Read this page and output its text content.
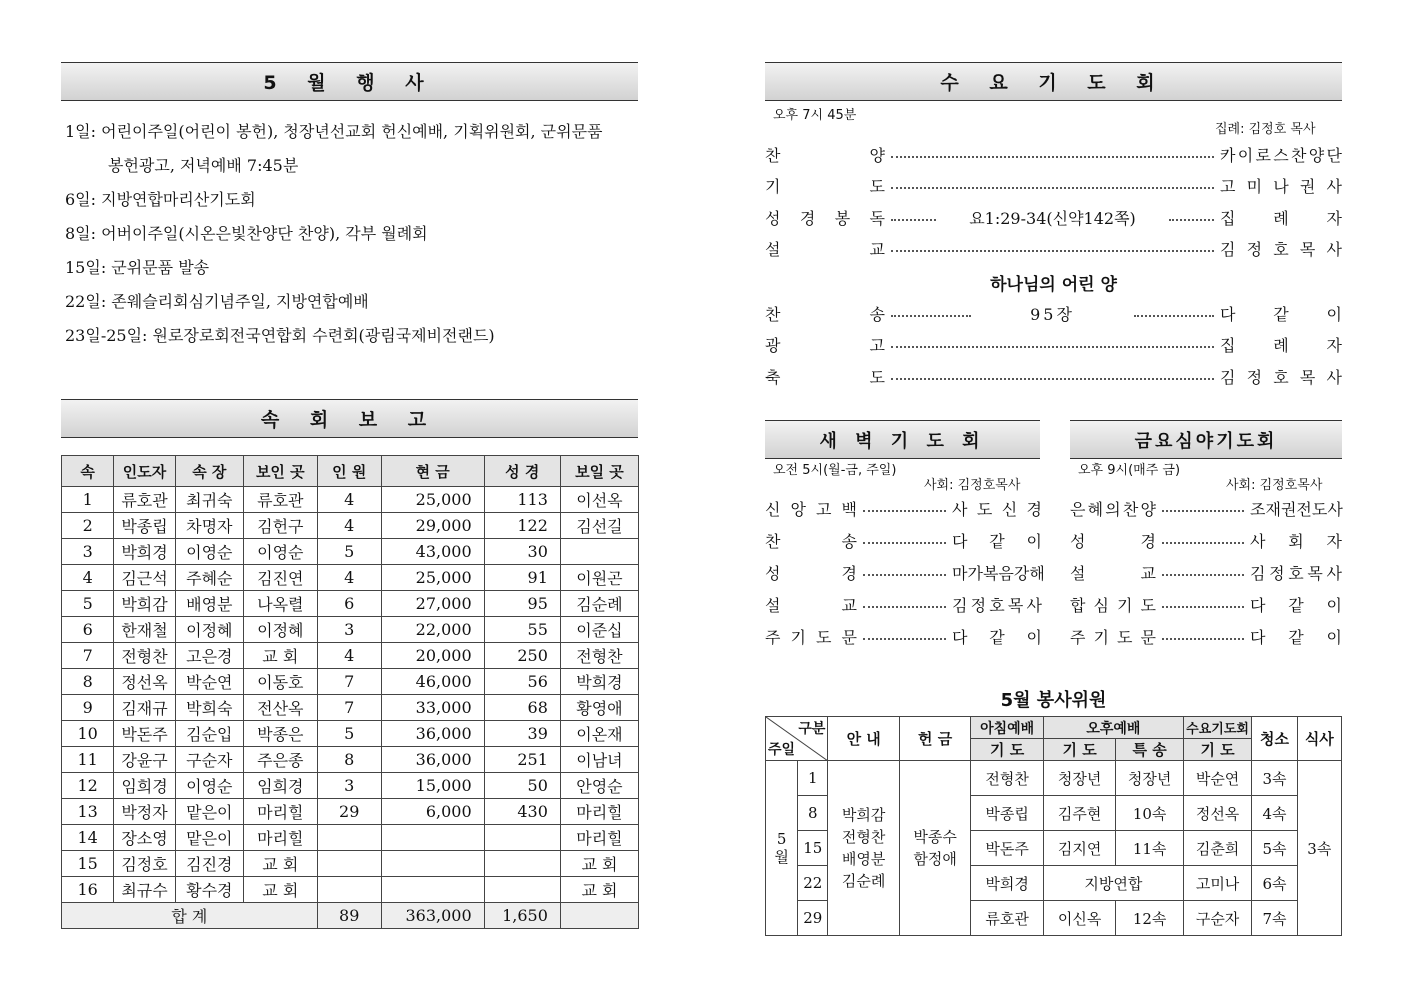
5 월 행 사
1일: 어린이주일(어린이 봉헌), 청장년선교회 헌신예배, 기획위원회, 군위문품
봉헌광고, 저녁예배 7:45분
6일: 지방연합마리산기도회
8일: 어버이주일(시온은빛찬양단 찬양), 각부 월례회
15일: 군위문품 발송
22일: 존웨슬리회심기념주일, 지방연합예배
23일-25일: 원로장로회전국연합회 수련회(광림국제비전랜드)
속 회 보 고
속	인도자	속 장	보인 곳	인 원	현 금	성 경	보일 곳
1	류호관	최귀숙	류호관	4	25,000	113	이선옥
2	박종립	차명자	김헌구	4	29,000	122	김선길
3	박희경	이영순	이영순	5	43,000	30	
4	김근석	주혜순	김진연	4	25,000	91	이원곤
5	박희감	배영분	나옥렬	6	27,000	95	김순례
6	한재철	이정혜	이정혜	3	22,000	55	이준십
7	전형찬	고은경	교 회	4	20,000	250	전형찬
8	정선옥	박순연	이동호	7	46,000	56	박희경
9	김재규	박희숙	전산옥	7	33,000	68	황영애
10	박돈주	김순입	박종은	5	36,000	39	이온재
11	강윤구	구순자	주은종	8	36,000	251	이남녀
12	임희경	이영순	임희경	3	15,000	50	안영순
13	박정자	맡은이	마리힐	29	6,000	430	마리힐
14	장소영	맡은이	마리힐				마리힐
15	김정호	김진경	교 회				교 회
16	최규수	황수경	교 회				교 회
합 계				89	363,000	1,650	
수 요 기 도 회
오후 7시 45분
집례: 김정호 목사
찬	양	카 이 로 스 찬 양 단
기	도	고 미 나 권 사
성 경 봉 독	요1:29-34(신약142쪽)	집 례 자
설	교	김 정 호 목 사
하나님의 어린 양
찬	송	95장	다 같 이
광	고	집 례 자
축	도	김 정 호 목 사
새 벽 기 도 회
오전 5시(월-금, 주일)
사회: 김정호목사
신 앙 고 백	사 도 신 경
찬	송	다 같 이
성	경	마 가 복 음 강 해
설	교	김 정 호 목 사
주 기 도 문	다 같 이
금요심야기도회
오후 9시(매주 금)
사회: 김정호목사
은 혜 의 찬 양	조 재 권 전 도 사
성	경	사 회 자
설	교	김 정 호 목 사
합 심 기 도	다 같 이
주 기 도 문	다 같 이
5월 봉사위원
구분
주일		안 내	헌 금	아침예배	오후예배		수요기도회	청소	식사
				기 도	기 도	특 송	기 도		
5월	1	박희감 전형찬 배영분 김순례	박종수 함정애	전형찬	청장년	청장년	박순연	3속	3속
	8			박종립	김주현	10속	정선옥	4속	
	15			박돈주	김지연	11속	김춘희	5속	
	22			박희경	지방연합		고미나	6속	
	29			류호관	이신옥	12속	구순자	7속	
